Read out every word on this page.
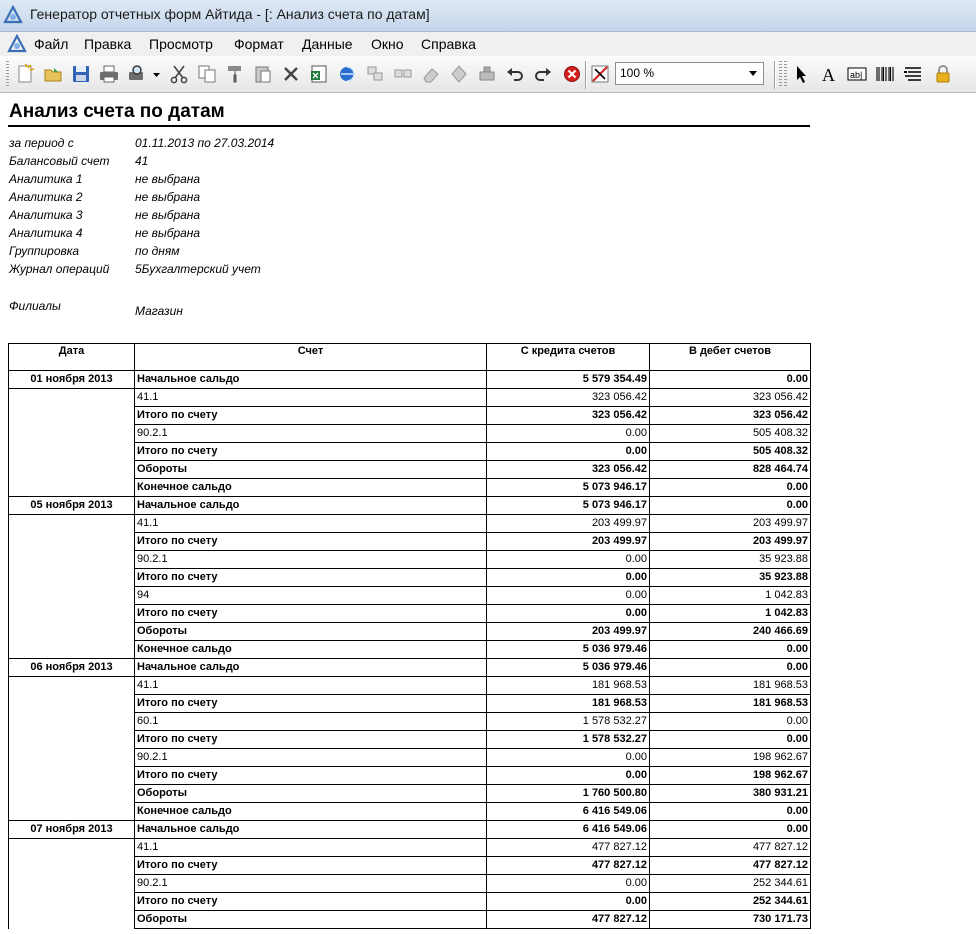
Генератор отчетных форм Айтида - [: Анализ счета по датам]
Файл Правка Просмотр Формат Данные Окно Справка
A ab|
100 %
Анализ счета по датам
за период с	01.11.2013 по 27.03.2014
Балансовый счет 41
Аналитика 1	не выбрана
Аналитика 2	не выбрана
Аналитика 3	не выбрана
Аналитика 4	не выбрана
Группировка	по дням
Журнал операций 5Бухгалтерский учет
Филиалы	Магазин
Дата	Счет	С кредита счетов	В дебет счетов
01 ноября 2013	Начальное сальдо	5 579 354.49	0.00
	41.1	323 056.42	323 056.42
	Итого по счету	323 056.42	323 056.42
	90.2.1	0.00	505 408.32
	Итого по счету	0.00	505 408.32
	Обороты	323 056.42	828 464.74
	Конечное сальдо	5 073 946.17	0.00
05 ноября 2013	Начальное сальдо	5 073 946.17	0.00
	41.1	203 499.97	203 499.97
	Итого по счету	203 499.97	203 499.97
	90.2.1	0.00	35 923.88
	Итого по счету	0.00	35 923.88
	94	0.00	1 042.83
	Итого по счету	0.00	1 042.83
	Обороты	203 499.97	240 466.69
	Конечное сальдо	5 036 979.46	0.00
06 ноября 2013	Начальное сальдо	5 036 979.46	0.00
	41.1	181 968.53	181 968.53
	Итого по счету	181 968.53	181 968.53
	60.1	1 578 532.27	0.00
	Итого по счету	1 578 532.27	0.00
	90.2.1	0.00	198 962.67
	Итого по счету	0.00	198 962.67
	Обороты	1 760 500.80	380 931.21
	Конечное сальдо	6 416 549.06	0.00
07 ноября 2013	Начальное сальдо	6 416 549.06	0.00
	41.1	477 827.12	477 827.12
	Итого по счету	477 827.12	477 827.12
	90.2.1	0.00	252 344.61
	Итого по счету	0.00	252 344.61
	Обороты	477 827.12	730 171.73
